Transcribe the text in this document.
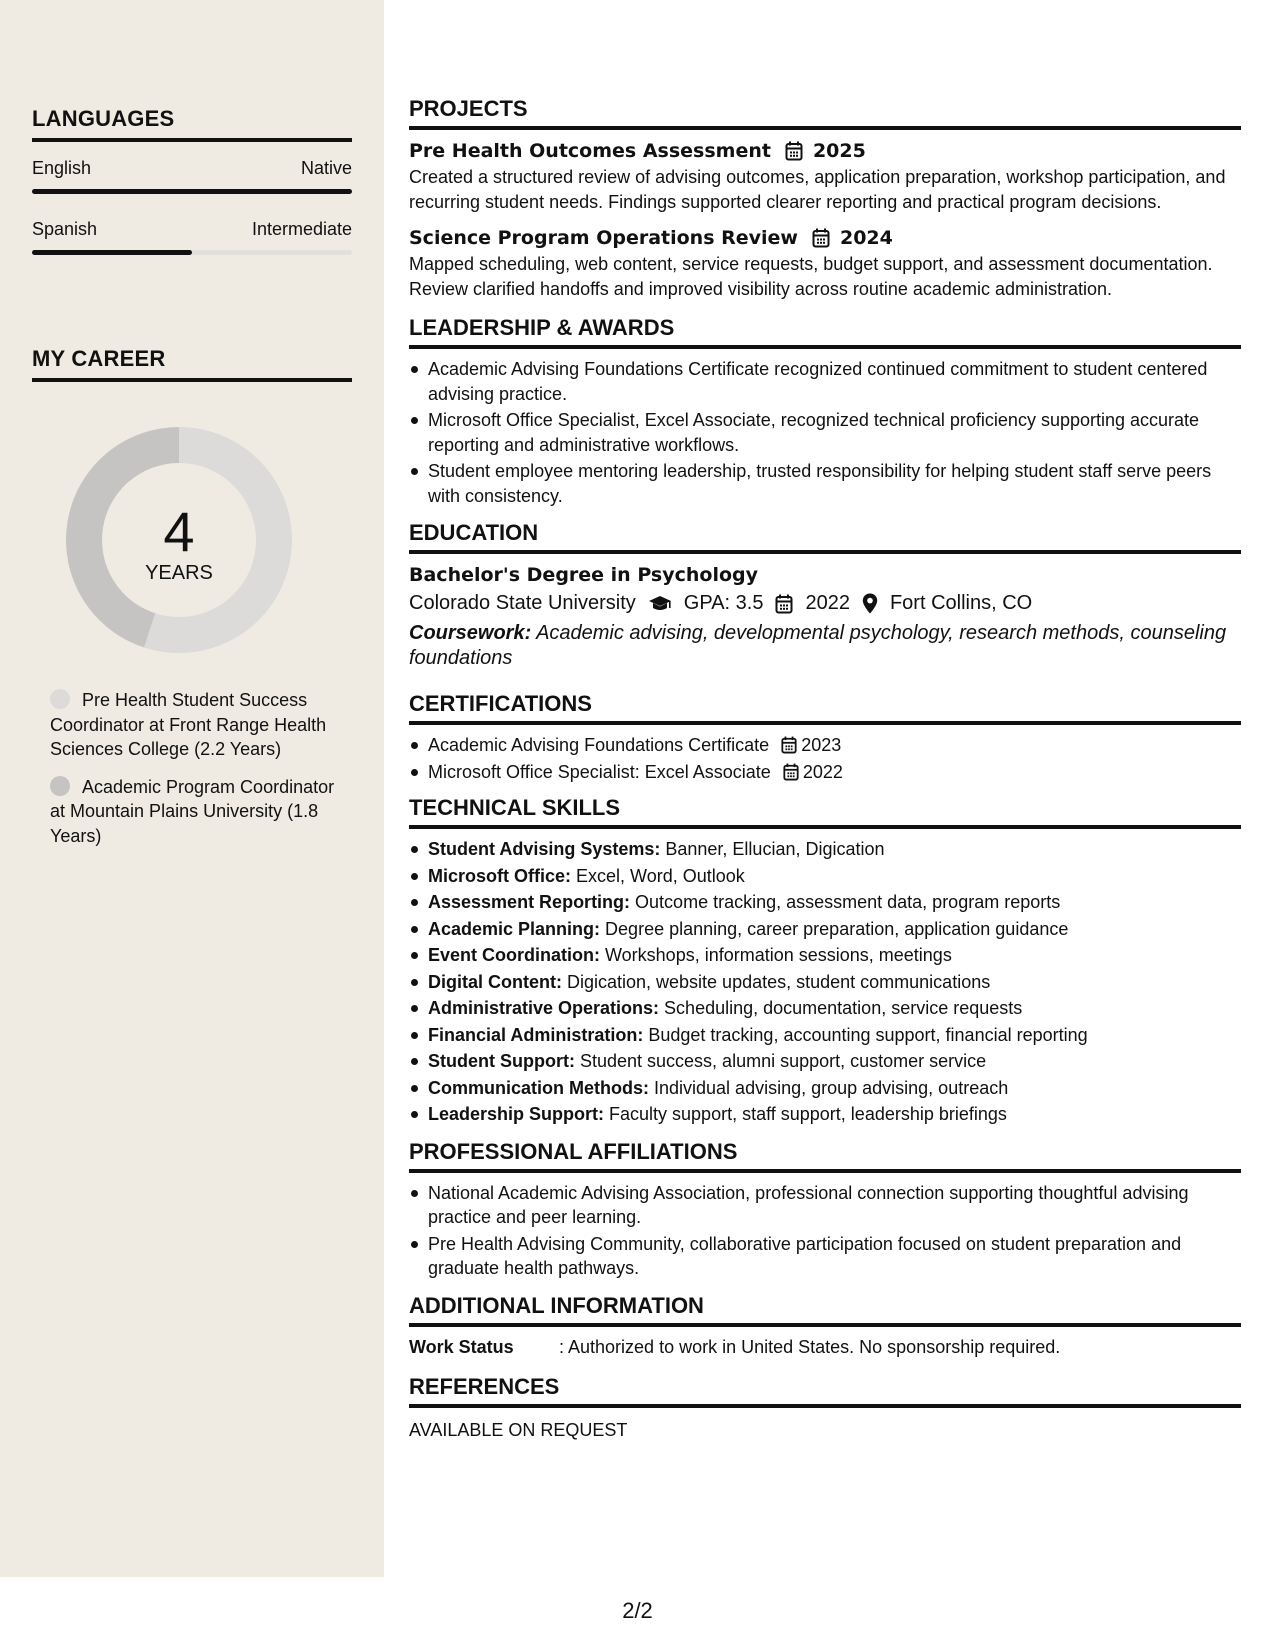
LANGUAGES
English	Native
Spanish	Intermediate
MY CAREER
4
YEARS
Pre Health Student Success Coordinator at Front Range Health Sciences College (2.2 Years)
Academic Program Coordinator at Mountain Plains University (1.8 Years)
PROJECTS
Pre Health Outcomes Assessment 2025
Created a structured review of advising outcomes, application preparation, workshop participation, and recurring student needs. Findings supported clearer reporting and practical program decisions.
Science Program Operations Review 2024
Mapped scheduling, web content, service requests, budget support, and assessment documentation. Review clarified handoffs and improved visibility across routine academic administration.
LEADERSHIP & AWARDS
Academic Advising Foundations Certificate recognized continued commitment to student centered advising practice.
Microsoft Office Specialist, Excel Associate, recognized technical proficiency supporting accurate reporting and administrative workflows.
Student employee mentoring leadership, trusted responsibility for helping student staff serve peers with consistency.
EDUCATION
Bachelor's Degree in Psychology
Colorado State University GPA: 3.5 2022 Fort Collins, CO
Coursework: Academic advising, developmental psychology, research methods, counseling foundations
CERTIFICATIONS
Academic Advising Foundations Certificate 2023
Microsoft Office Specialist: Excel Associate 2022
TECHNICAL SKILLS
Student Advising Systems: Banner, Ellucian, Digication
Microsoft Office: Excel, Word, Outlook
Assessment Reporting: Outcome tracking, assessment data, program reports
Academic Planning: Degree planning, career preparation, application guidance
Event Coordination: Workshops, information sessions, meetings
Digital Content: Digication, website updates, student communications
Administrative Operations: Scheduling, documentation, service requests
Financial Administration: Budget tracking, accounting support, financial reporting
Student Support: Student success, alumni support, customer service
Communication Methods: Individual advising, group advising, outreach
Leadership Support: Faculty support, staff support, leadership briefings
PROFESSIONAL AFFILIATIONS
National Academic Advising Association, professional connection supporting thoughtful advising practice and peer learning.
Pre Health Advising Community, collaborative participation focused on student preparation and graduate health pathways.
ADDITIONAL INFORMATION
Work Status	: Authorized to work in United States. No sponsorship required.
REFERENCES
AVAILABLE ON REQUEST
2/2
